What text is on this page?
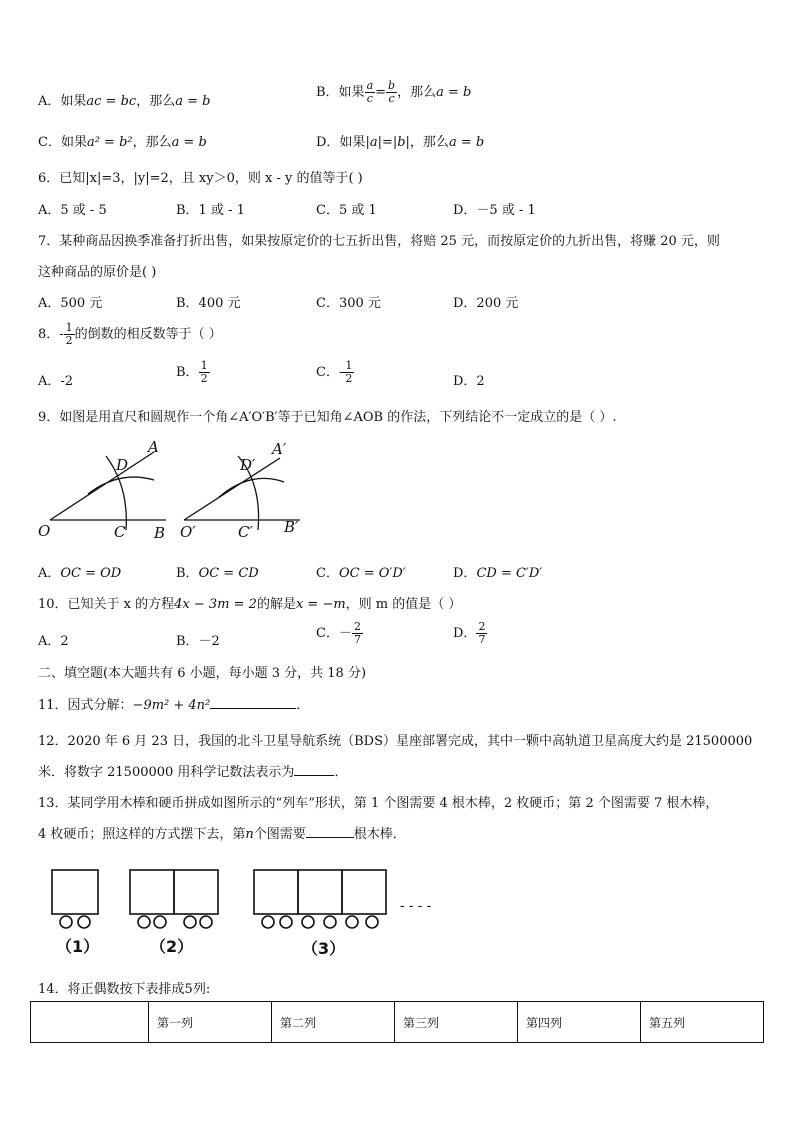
A．如果ac = bc，那么a = b
B．如果 $\frac{a}{c} = \frac{b}{c}$ ，那么a = b
C．如果a² = b²，那么a = b	D．如果|a|=|b|，那么a = b
6．已知|x|=3，|y|=2，且 xy＞0，则 x - y 的值等于( )
A．5 或 - 5	B．1 或 - 1	C．5 或 1	D．－5 或 - 1
7．某种商品因换季准备打折出售，如果按原定价的七五折出售，将赔 25 元，而按原定价的九折出售，将赚 20 元，则
这种商品的原价是( )
A．500 元	B．400 元	C．300 元	D．200 元
8．- $\frac{1}{2}$ 的倒数的相反数等于（ ）
A．-2
B． $\frac{1}{2}$	C．- $\frac{1}{2}$	D．2
9．如图是用直尺和圆规作一个角∠A′O′B′等于已知角∠AOB 的作法，下列结论不一定成立的是（ ）.
A
D
O	C B
A′
D′
O′	C′ B′
A．OC = OD	B．OC = CD	C．OC = O′D′	D．CD = C′D′
10．已知关于 x 的方程4x − 3m = 2的解是x = −m，则 m 的值是（ ）
A．2	B．－2
C．－ $\frac{2}{7}$	D． $\frac{2}{7}$
二、填空题(本大题共有 6 小题，每小题 3 分，共 18 分)
11．因式分解：−9m² + 4n²	．
12．2020 年 6 月 23 日，我国的北斗卫星导航系统（BDS）星座部署完成，其中一颗中高轨道卫星高度大约是 21500000
米．将数字 21500000 用科学记数法表示为	．
13．某同学用木棒和硬币拼成如图所示的“列车”形状，第 1 个图需要 4 根木棒，2 枚硬币；第 2 个图需要 7 根木棒，
4 枚硬币；照这样的方式摆下去，第n个图需要	根木棒．
（1）	（2）	（3）
- - - -
14．将正偶数按下表排成5列:
	第一列	第二列	第三列	第四列	第五列
